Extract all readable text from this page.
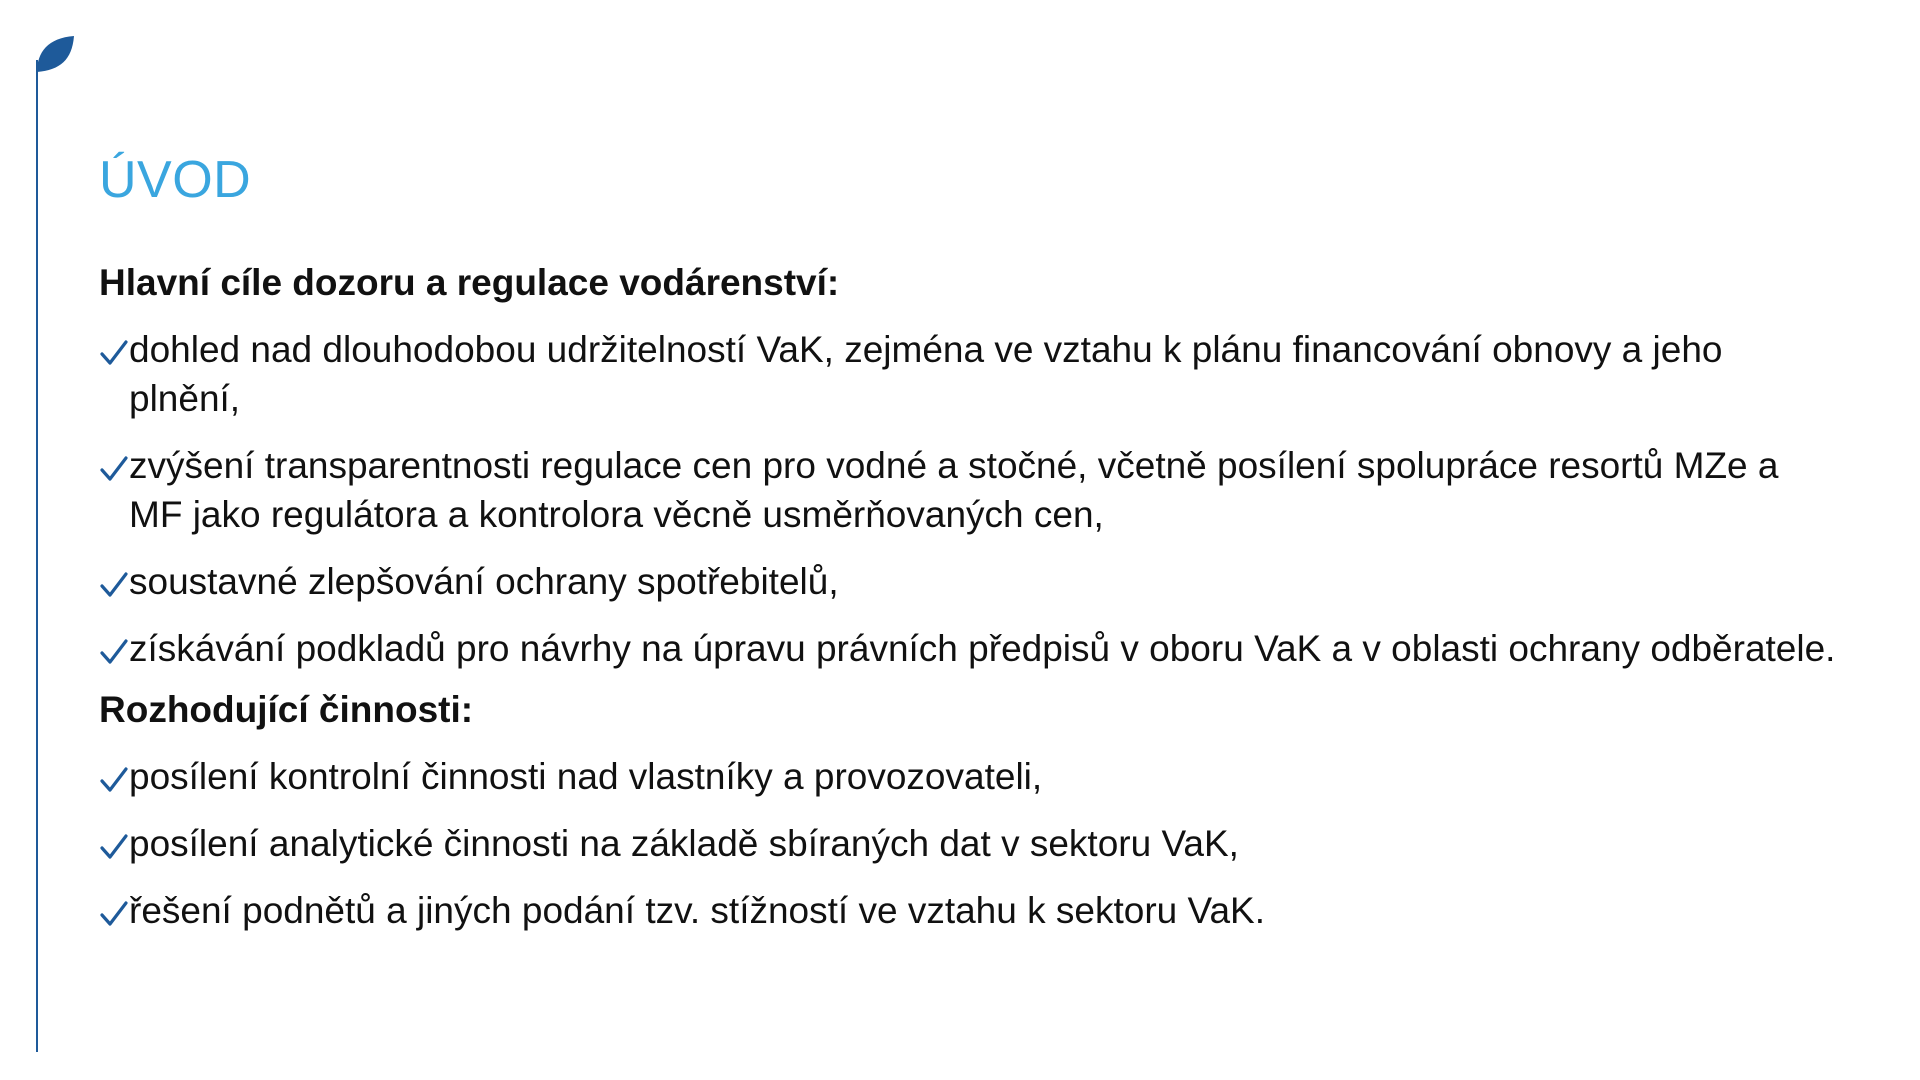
ÚVOD
Hlavní cíle dozoru a regulace vodárenství:
dohled nad dlouhodobou udržitelností VaK, zejména ve vztahu k plánu financování obnovy a jeho plnění,
zvýšení transparentnosti regulace cen pro vodné a stočné, včetně posílení spolupráce resortů MZe a MF jako regulátora a kontrolora věcně usměrňovaných cen,
soustavné zlepšování ochrany spotřebitelů,
získávání podkladů pro návrhy na úpravu právních předpisů v oboru VaK a v oblasti ochrany odběratele.
Rozhodující činnosti:
posílení kontrolní činnosti nad vlastníky a provozovateli,
posílení analytické činnosti na základě sbíraných dat v sektoru VaK,
řešení podnětů a jiných podání tzv. stížností ve vztahu k sektoru VaK.
